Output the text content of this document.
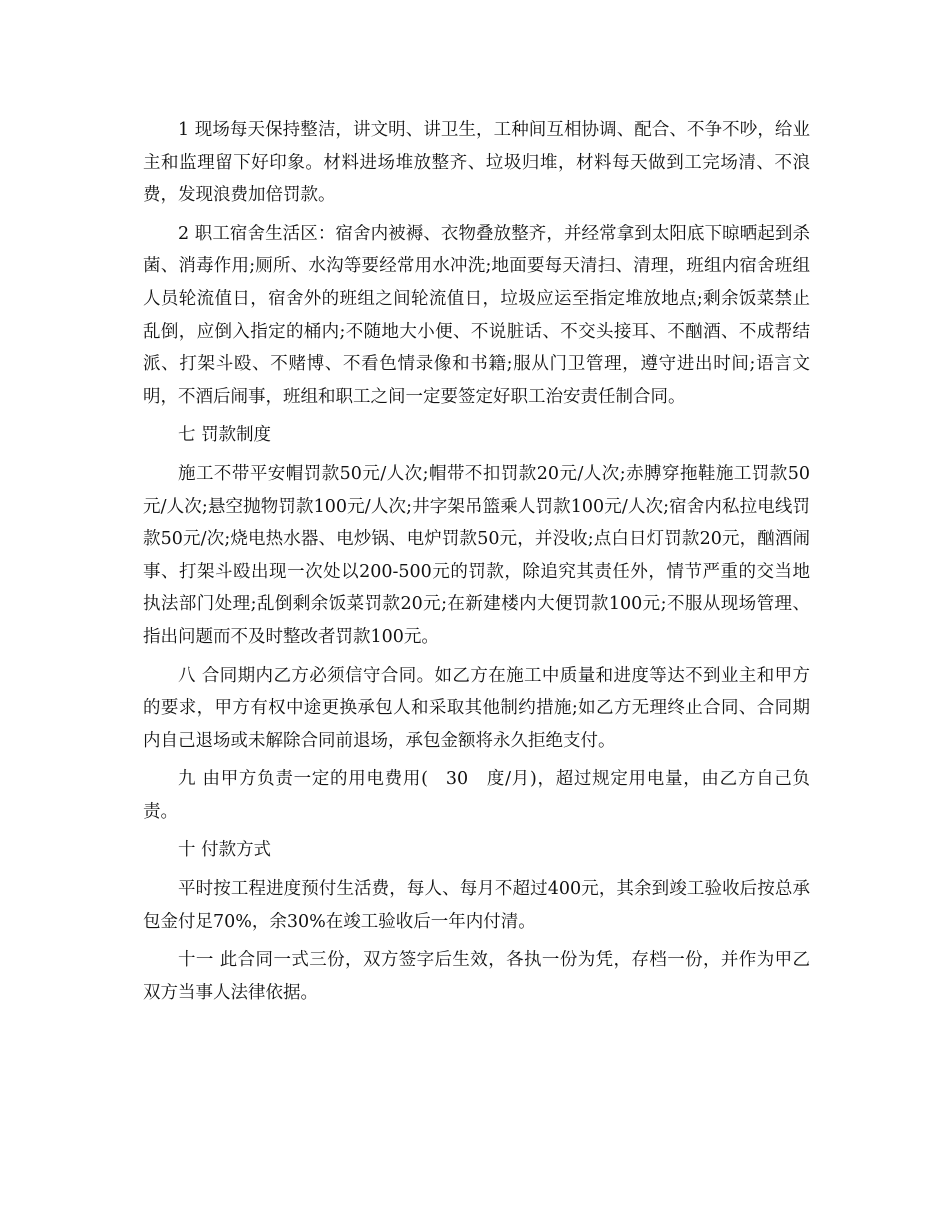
1 现场每天保持整洁，讲文明、讲卫生，工种间互相协调、配合、不争不吵，给业主和监理留下好印象。材料进场堆放整齐、垃圾归堆，材料每天做到工完场清、不浪费，发现浪费加倍罚款。

2 职工宿舍生活区：宿舍内被褥、衣物叠放整齐，并经常拿到太阳底下晾晒起到杀菌、消毒作用;厕所、水沟等要经常用水冲洗;地面要每天清扫、清理，班组内宿舍班组人员轮流值日，宿舍外的班组之间轮流值日，垃圾应运至指定堆放地点;剩余饭菜禁止乱倒，应倒入指定的桶内;不随地大小便、不说脏话、不交头接耳、不酗酒、不成帮结派、打架斗殴、不赌博、不看色情录像和书籍;服从门卫管理，遵守进出时间;语言文明，不酒后闹事，班组和职工之间一定要签定好职工治安责任制合同。

七 罚款制度

施工不带平安帽罚款50元/人次;帽带不扣罚款20元/人次;赤膊穿拖鞋施工罚款50元/人次;悬空抛物罚款100元/人次;井字架吊篮乘人罚款100元/人次;宿舍内私拉电线罚款50元/次;烧电热水器、电炒锅、电炉罚款50元，并没收;点白日灯罚款20元，酗酒闹事、打架斗殴出现一次处以200-500元的罚款，除追究其责任外，情节严重的交当地执法部门处理;乱倒剩余饭菜罚款20元;在新建楼内大便罚款100元;不服从现场管理、指出问题而不及时整改者罚款100元。

八 合同期内乙方必须信守合同。如乙方在施工中质量和进度等达不到业主和甲方的要求，甲方有权中途更换承包人和采取其他制约措施;如乙方无理终止合同、合同期内自己退场或未解除合同前退场，承包金额将永久拒绝支付。

九 由甲方负责一定的用电费用( 30 度/月)，超过规定用电量，由乙方自己负责。

十 付款方式

平时按工程进度预付生活费，每人、每月不超过400元，其余到竣工验收后按总承包金付足70%，余30%在竣工验收后一年内付清。

十一 此合同一式三份，双方签字后生效，各执一份为凭，存档一份，并作为甲乙双方当事人法律依据。
